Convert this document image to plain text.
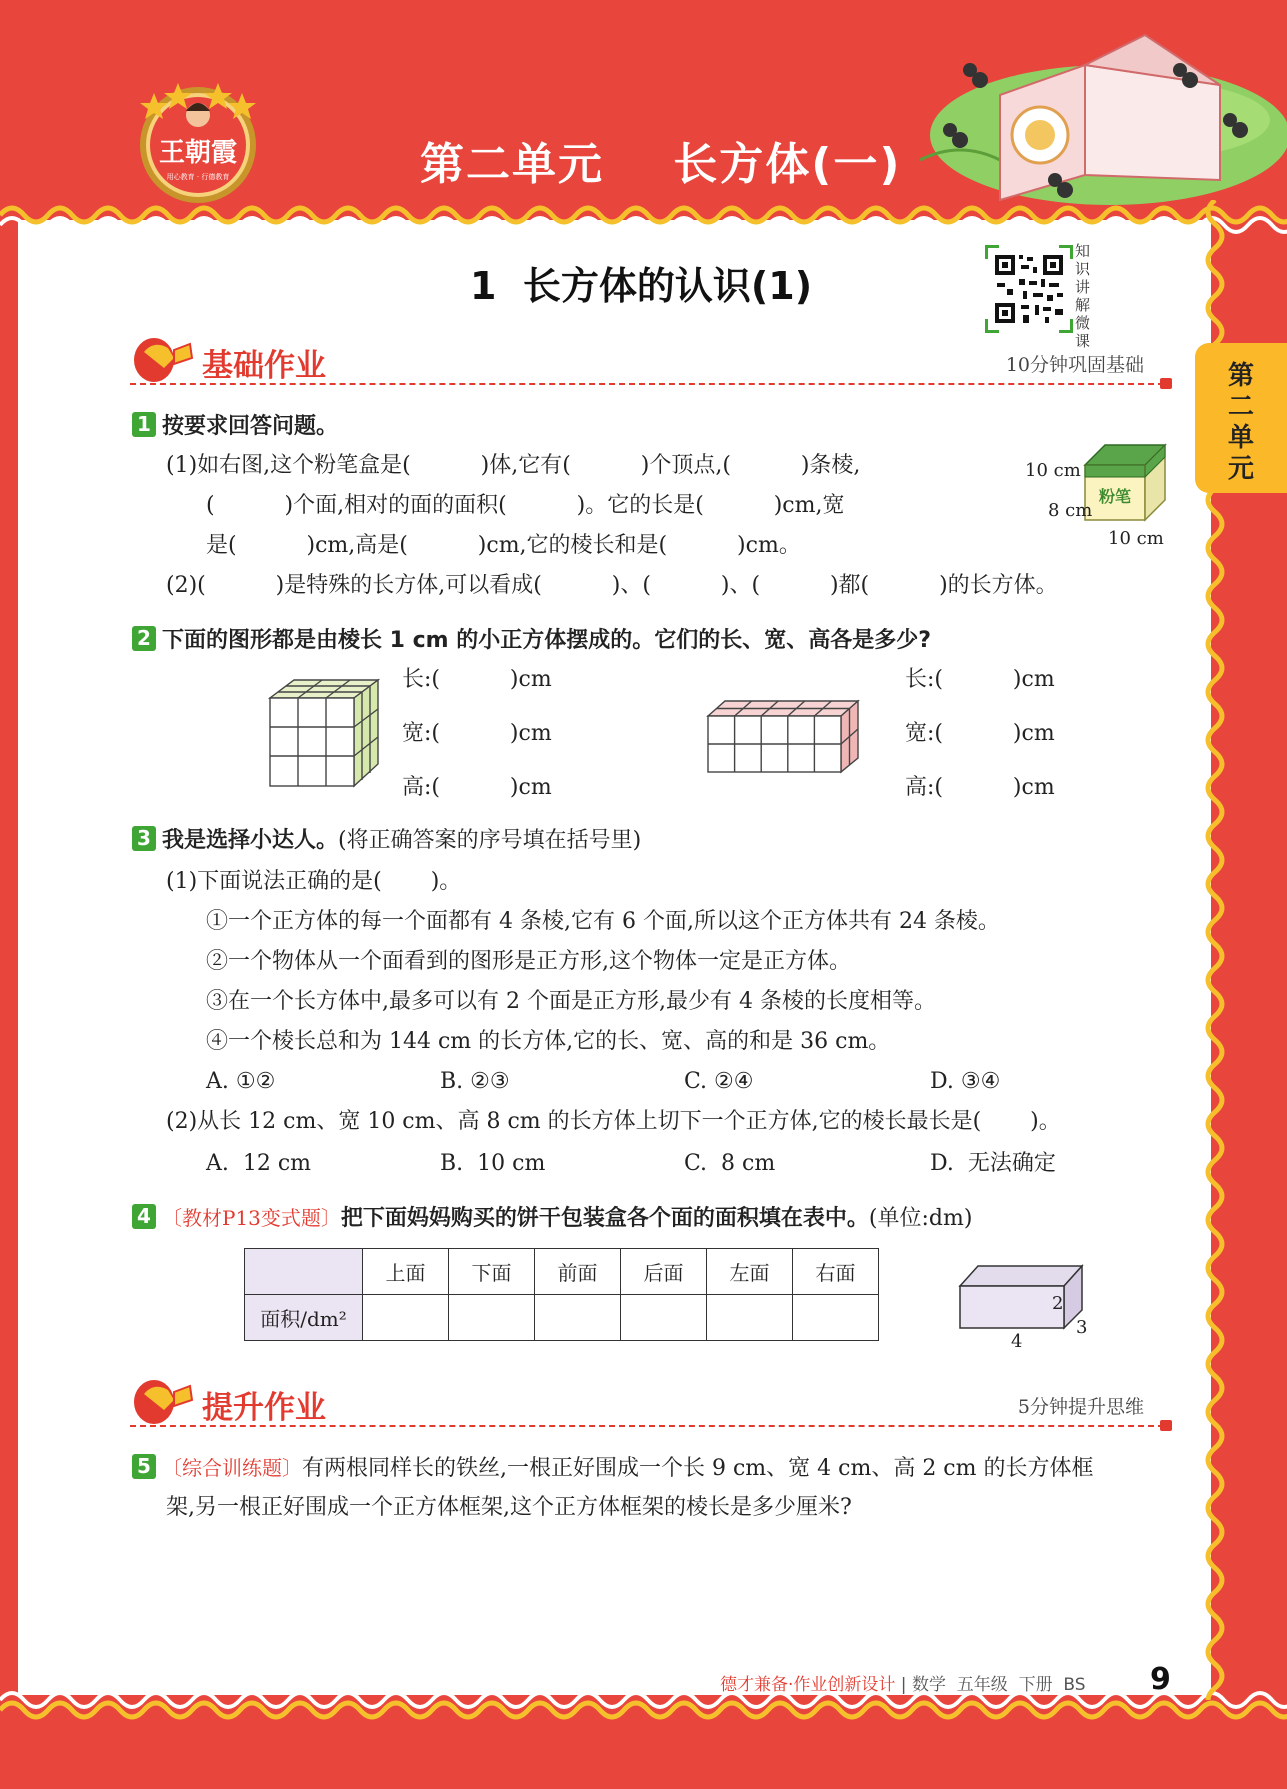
王朝霞
用心教育 · 行德教育	第二单元    长方体(一)
第二单元
1  长方体的认识(1)
知识讲解微课
基础作业	10分钟巩固基础
1 按要求回答问题。
(1)如右图,这个粉笔盒是(          )体,它有(          )个顶点,(          )条棱,
(          )个面,相对的面的面积(          )。它的长是(          )cm,宽
是(          )cm,高是(          )cm,它的棱长和是(          )cm。
(2)(          )是特殊的长方体,可以看成(          )、(          )、(          )都(          )的长方体。
粉笔
10 cm
8 cm
10 cm
2 下面的图形都是由棱长 1 cm 的小正方体摆成的。它们的长、宽、高各是多少?
长:(          )cm
宽:(          )cm
高:(          )cm
长:(          )cm
宽:(          )cm
高:(          )cm
3 我是选择小达人。(将正确答案的序号填在括号里)
(1)下面说法正确的是(       )。
①一个正方体的每一个面都有 4 条棱,它有 6 个面,所以这个正方体共有 24 条棱。
②一个物体从一个面看到的图形是正方形,这个物体一定是正方体。
③在一个长方体中,最多可以有 2 个面是正方形,最少有 4 条棱的长度相等。
④一个棱长总和为 144 cm 的长方体,它的长、宽、高的和是 36 cm。
A. ①②	B. ②③	C. ②④	D. ③④
(2)从长 12 cm、宽 10 cm、高 8 cm 的长方体上切下一个正方体,它的棱长最长是(       )。
A.  12 cm	B.  10 cm	C.  8 cm	D.  无法确定
4 〔教材P13变式题〕把下面妈妈购买的饼干包装盒各个面的面积填在表中。(单位:dm)
	上面	下面	前面	后面	左面	右面
面积/dm²						
2
3
4
提升作业	5分钟提升思维
5 〔综合训练题〕有两根同样长的铁丝,一根正好围成一个长 9 cm、宽 4 cm、高 2 cm 的长方体框
架,另一根正好围成一个正方体框架,这个正方体框架的棱长是多少厘米?
德才兼备·作业创新设计 | 数学  五年级  下册  BS 9
